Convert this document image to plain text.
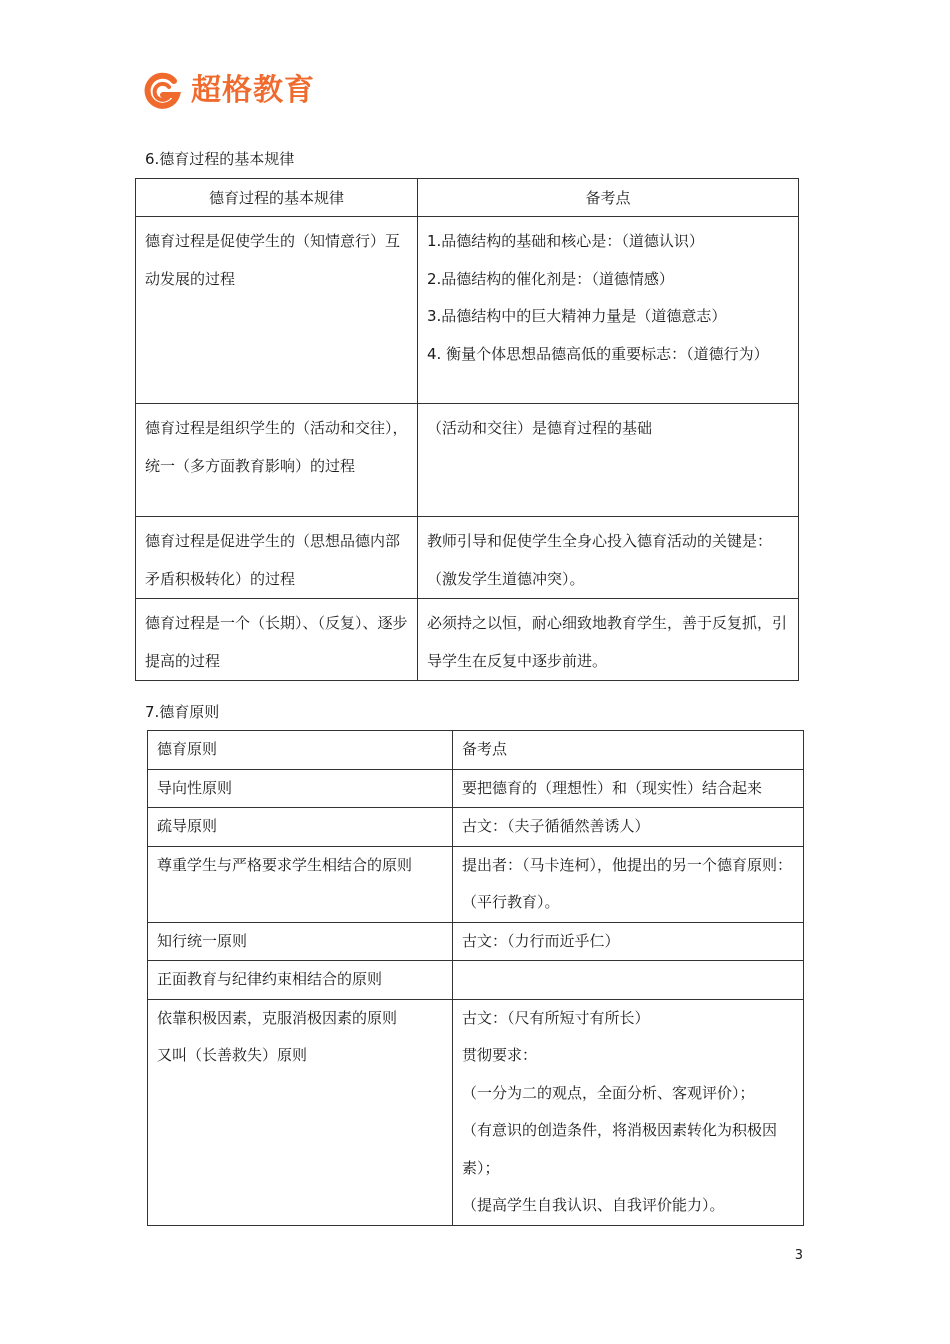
超格教育
6.德育过程的基本规律
德育过程的基本规律	备考点

德育过程是促使学生的（知情意行）互动发展的过程	1.品德结构的基础和核心是：（道德认识）
2.品德结构的催化剂是：（道德情感）
3.品德结构中的巨大精神力量是（道德意志）
4. 衡量个体思想品德高低的重要标志：（道德行为）

德育过程是组织学生的（活动和交往），统一（多方面教育影响）的过程	（活动和交往）是德育过程的基础

德育过程是促进学生的（思想品德内部矛盾积极转化）的过程	教师引导和促使学生全身心投入德育活动的关键是：（激发学生道德冲突）。

德育过程是一个（长期）、（反复）、逐步提高的过程	必须持之以恒，耐心细致地教育学生，善于反复抓，引导学生在反复中逐步前进。
7.德育原则
德育原则	备考点

导向性原则	要把德育的（理想性）和（现实性）结合起来

疏导原则	古文：（夫子循循然善诱人）

尊重学生与严格要求学生相结合的原则	提出者：（马卡连柯），他提出的另一个德育原则：（平行教育）。

知行统一原则	古文：（力行而近乎仁）

正面教育与纪律约束相结合的原则	

依靠积极因素，克服消极因素的原则
又叫（长善救失）原则	古文：（尺有所短寸有所长）
贯彻要求：
（一分为二的观点，全面分析、客观评价）；
（有意识的创造条件，将消极因素转化为积极因素）；
（提高学生自我认识、自我评价能力）。
3
